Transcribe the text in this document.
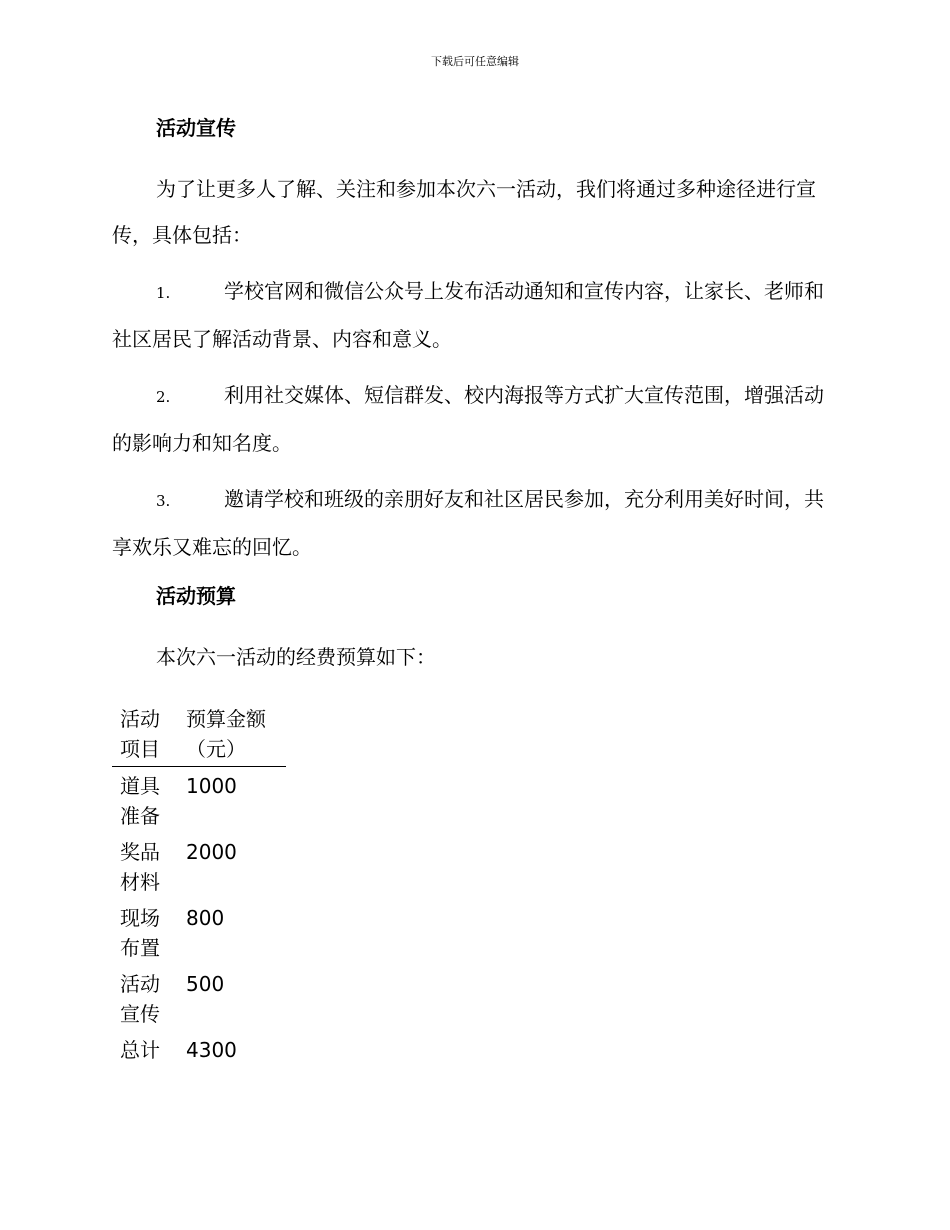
下载后可任意编辑
活动宣传

为了让更多人了解、关注和参加本次六一活动，我们将通过多种途径进行宣传，具体包括：

1.	学校官网和微信公众号上发布活动通知和宣传内容，让家长、老师和社区居民了解活动背景、内容和意义。
2.	利用社交媒体、短信群发、校内海报等方式扩大宣传范围，增强活动的影响力和知名度。
3.	邀请学校和班级的亲朋好友和社区居民参加，充分利用美好时间，共享欢乐又难忘的回忆。
活动预算

本次六一活动的经费预算如下：

活动项目	预算金额（元）
道具准备	1000
奖品材料	2000
现场布置	800
活动宣传	500
总计	4300
